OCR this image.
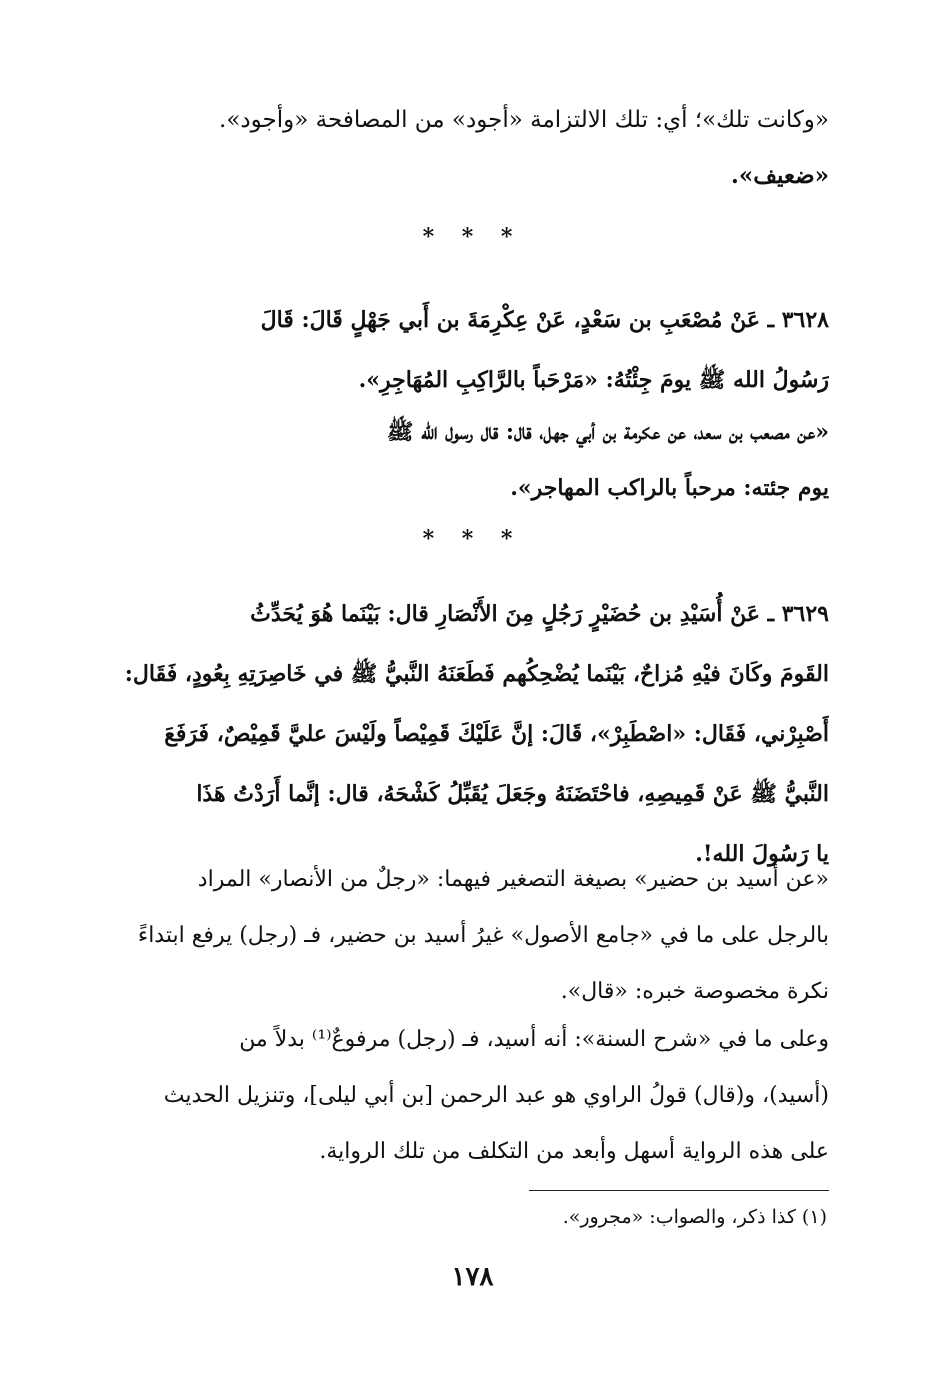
«وكانت تلك»؛ أي: تلك الالتزامة «أجود» من المصافحة «وأجود».
«ضعيف».
* * *
٣٦٢٨ ـ عَنْ مُصْعَبِ بن سَعْدٍ، عَنْ عِكْرِمَةَ بن أَبي جَهْلٍ قَالَ: قَالَ
رَسُولُ الله ﷺ يومَ جِئْتُهُ: «مَرْحَباً بالرَّاكِبِ المُهَاجِرِ».
«عن مصعب بن سعد، عن عكرمة بن أبي جهل، قال: قال رسول الله ﷺ
يوم جئته: مرحباً بالراكب المهاجر».
* * *
٣٦٢٩ ـ عَنْ أُسَيْدِ بن حُضَيْرٍ رَجُلٍ مِنَ الأَنْصَارِ قال: بَيْنَما هُوَ يُحَدِّثُ
القَومَ وكَانَ فيْهِ مُزاحٌ، بَيْنَما يُضْحِكُهم فَطَعَنَهُ النَّبيُّ ﷺ في خَاصِرَتِهِ بِعُودٍ، فَقَال:
أَصْبِرْني، فَقَال: «اصْطَبِرْ»، قَالَ: إنَّ عَلَيْكَ قَمِيْصاً ولَيْسَ عليَّ قَمِيْصٌ، فَرَفَعَ
النَّبيُّ ﷺ عَنْ قَمِيصِهِ، فاحْتَضَنَهُ وجَعَلَ يُقَبِّلُ كَشْحَهُ، قال: إنَّما أَرَدْتُ هَذَا
يا رَسُولَ الله!.
«عن أسيد بن حضير» بصيغة التصغير فيهما: «رجلٌ من الأنصار» المراد
بالرجل على ما في «جامع الأصول» غيرُ أسيد بن حضير، فـ (رجل) يرفع ابتداءً
نكرة مخصوصة خبره: «قال».
وعلى ما في «شرح السنة»: أنه أسيد، فـ (رجل) مرفوعٌ⁽¹⁾ بدلاً من
(أسيد)، و(قال) قولُ الراوي هو عبد الرحمن [بن أبي ليلى]، وتنزيل الحديث
على هذه الرواية أسهل وأبعد من التكلف من تلك الرواية.
(١) كذا ذكر، والصواب: «مجرور».
١٧٨
